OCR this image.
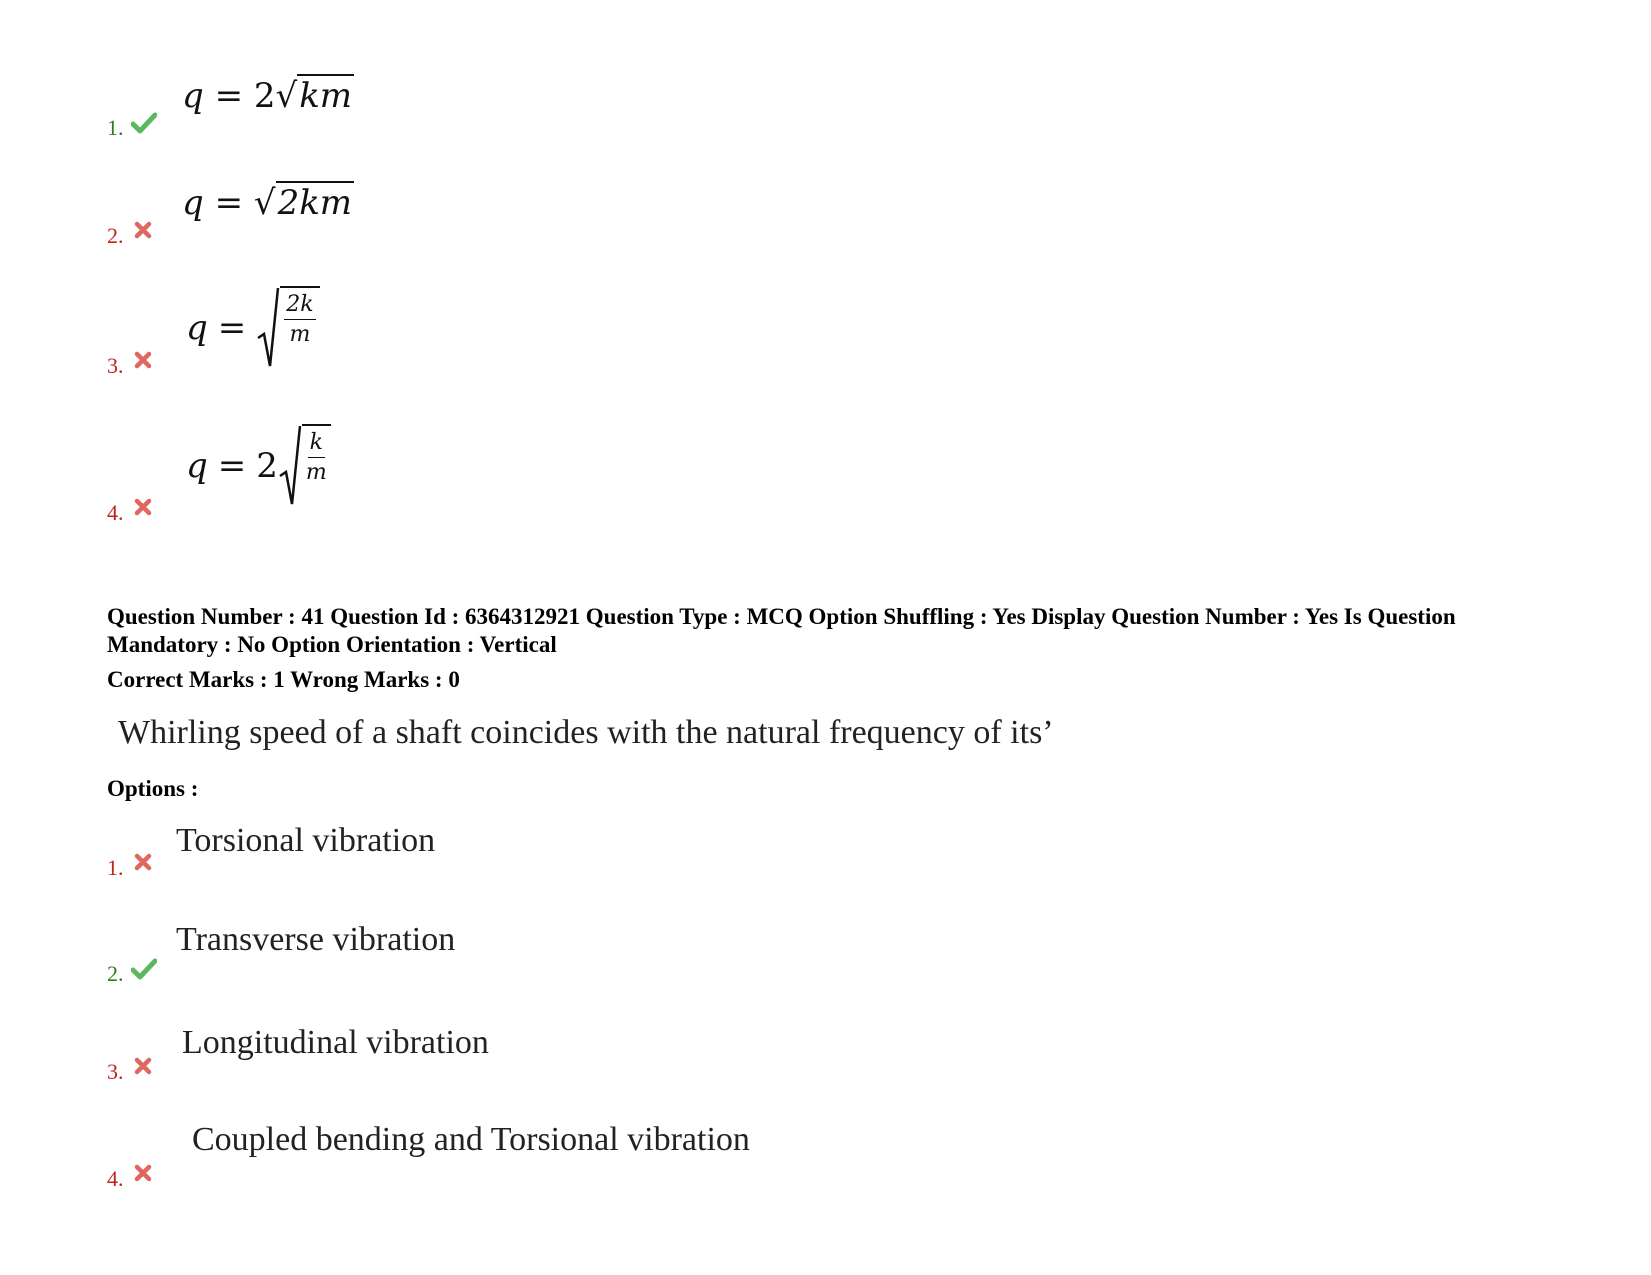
1.
q = 2√km
2.
q = √2km
3.
$q = \frac{2k}{m}$
4.
$q = 2 \frac{k}{m}$
Question Number : 41 Question Id : 6364312921 Question Type : MCQ Option Shuffling : Yes Display Question Number : Yes Is Question Mandatory : No Option Orientation : Vertical
Correct Marks : 1 Wrong Marks : 0
Whirling speed of a shaft coincides with the natural frequency of its’
Options :
1.
Torsional vibration
2.
Transverse vibration
3.
Longitudinal vibration
4.
Coupled bending and Torsional vibration
